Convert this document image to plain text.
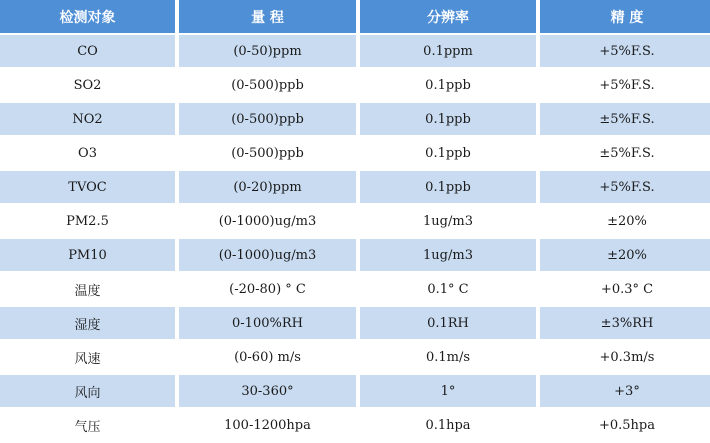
检测对象	量 程	分辨率	精 度
CO	(0-50)ppm	0.1ppm	+5%F.S.
SO2	(0-500)ppb	0.1ppb	+5%F.S.
NO2	(0-500)ppb	0.1ppb	±5%F.S.
O3	(0-500)ppb	0.1ppb	±5%F.S.
TVOC	(0-20)ppm	0.1ppb	+5%F.S.
PM2.5	(0-1000)ug/m3	1ug/m3	±20%
PM10	(0-1000)ug/m3	1ug/m3	±20%
温度	(-20-80) ° C	0.1° C	+0.3° C
湿度	0-100%RH	0.1RH	±3%RH
风速	(0-60) m/s	0.1m/s	+0.3m/s
风向	30-360°	1°	+3°
气压	100-1200hpa	0.1hpa	+0.5hpa
